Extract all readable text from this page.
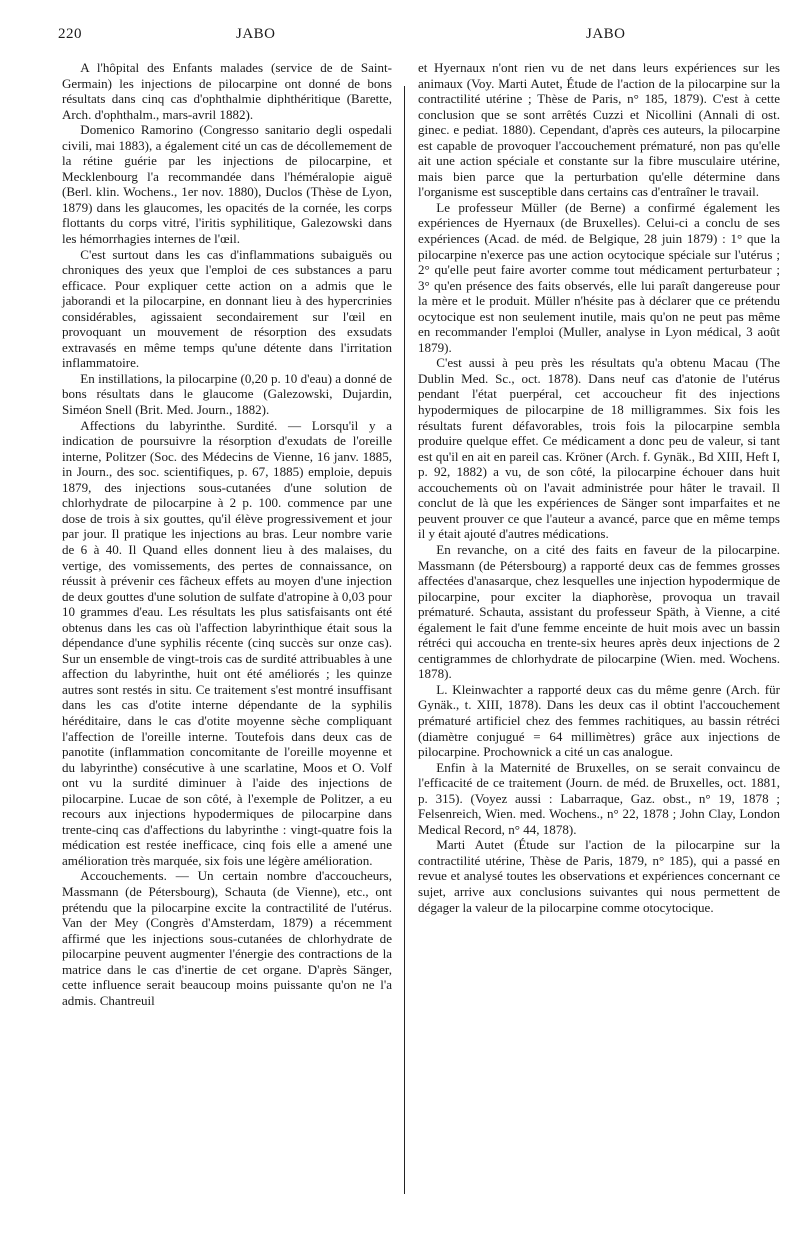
220	JABO	JABO

A l'hôpital des Enfants malades (service de de Saint-Germain) les injections de pilocarpine ont donné de bons résultats dans cinq cas d'ophthalmie diphthéritique (Barette, Arch. d'ophthalm., mars-avril 1882).

Domenico Ramorino (Congresso sanitario degli ospedali civili, mai 1883), a également cité un cas de décollemement de la rétine guérie par les injections de pilocarpine, et Mecklenbourg l'a recommandée dans l'héméralopie aiguë (Berl. klin. Wochens., 1er nov. 1880), Duclos (Thèse de Lyon, 1879) dans les glaucomes, les opacités de la cornée, les corps flottants du corps vitré, l'iritis syphilitique, Galezowski dans les hémorrhagies internes de l'œil.

C'est surtout dans les cas d'inflammations subaiguës ou chroniques des yeux que l'emploi de ces substances a paru efficace. Pour expliquer cette action on a admis que le jaborandi et la pilocarpine, en donnant lieu à des hypercrinies considérables, agissaient secondairement sur l'œil en provoquant un mouvement de résorption des exsudats extravasés en même temps qu'une détente dans l'irritation inflammatoire.

En instillations, la pilocarpine (0,20 p. 10 d'eau) a donné de bons résultats dans le glaucome (Galezowski, Dujardin, Siméon Snell (Brit. Med. Journ., 1882).

Affections du labyrinthe. Surdité. — Lorsqu'il y a indication de poursuivre la résorption d'exudats de l'oreille interne, Politzer (Soc. des Médecins de Vienne, 16 janv. 1885, in Journ., des soc. scientifiques, p. 67, 1885) emploie, depuis 1879, des injections sous-cutanées d'une solution de chlorhydrate de pilocarpine à 2 p. 100. commence par une dose de trois à six gouttes, qu'il élève progressivement et jour par jour. Il pratique les injections au bras. Leur nombre varie de 6 à 40. Il Quand elles donnent lieu à des malaises, du vertige, des vomissements, des pertes de connaissance, on réussit à prévenir ces fâcheux effets au moyen d'une injection de deux gouttes d'une solution de sulfate d'atropine à 0,03 pour 10 grammes d'eau. Les résultats les plus satisfaisants ont été obtenus dans les cas où l'affection labyrinthique était sous la dépendance d'une syphilis récente (cinq succès sur onze cas). Sur un ensemble de vingt-trois cas de surdité attribuables à une affection du labyrinthe, huit ont été améliorés ; les quinze autres sont restés in situ. Ce traitement s'est montré insuffisant dans les cas d'otite interne dépendante de la syphilis héréditaire, dans le cas d'otite moyenne sèche compliquant l'affection de l'oreille interne. Toutefois dans deux cas de panotite (inflammation concomitante de l'oreille moyenne et du labyrinthe) consécutive à une scarlatine, Moos et O. Volf ont vu la surdité diminuer à l'aide des injections de pilocarpine. Lucae de son côté, à l'exemple de Politzer, a eu recours aux injections hypodermiques de pilocarpine dans trente-cinq cas d'affections du labyrinthe : vingt-quatre fois la médication est restée inefficace, cinq fois elle a amené une amélioration très marquée, six fois une légère amélioration.

Accouchements. — Un certain nombre d'accoucheurs, Massmann (de Pétersbourg), Schauta (de Vienne), etc., ont prétendu que la pilocarpine excite la contractilité de l'utérus. Van der Mey (Congrès d'Amsterdam, 1879) a récemment affirmé que les injections sous-cutanées de chlorhydrate de pilocarpine peuvent augmenter l'énergie des contractions de la matrice dans le cas d'inertie de cet organe. D'après Sänger, cette influence serait beaucoup moins puissante qu'on ne l'a admis. Chantreuil

et Hyernaux n'ont rien vu de net dans leurs expériences sur les animaux (Voy. Marti Autet, Étude de l'action de la pilocarpine sur la contractilité utérine ; Thèse de Paris, n° 185, 1879). C'est à cette conclusion que se sont arrêtés Cuzzi et Nicollini (Annali di ost. ginec. e pediat. 1880). Cependant, d'après ces auteurs, la pilocarpine est capable de provoquer l'accouchement prématuré, non pas qu'elle ait une action spéciale et constante sur la fibre musculaire utérine, mais bien parce que la perturbation qu'elle détermine dans l'organisme est susceptible dans certains cas d'entraîner le travail.

Le professeur Müller (de Berne) a confirmé également les expériences de Hyernaux (de Bruxelles). Celui-ci a conclu de ses expériences (Acad. de méd. de Belgique, 28 juin 1879) : 1° que la pilocarpine n'exerce pas une action ocytocique spéciale sur l'utérus ; 2° qu'elle peut faire avorter comme tout médicament perturbateur ; 3° qu'en présence des faits observés, elle lui paraît dangereuse pour la mère et le produit. Müller n'hésite pas à déclarer que ce prétendu ocytocique est non seulement inutile, mais qu'on ne peut pas même en recommander l'emploi (Muller, analyse in Lyon médical, 3 août 1879).

C'est aussi à peu près les résultats qu'a obtenu Macau (The Dublin Med. Sc., oct. 1878). Dans neuf cas d'atonie de l'utérus pendant l'état puerpéral, cet accoucheur fit des injections hypodermiques de pilocarpine de 18 milligrammes. Six fois les résultats furent défavorables, trois fois la pilocarpine sembla produire quelque effet. Ce médicament a donc peu de valeur, si tant est qu'il en ait en pareil cas. Kröner (Arch. f. Gynäk., Bd XIII, Heft I, p. 92, 1882) a vu, de son côté, la pilocarpine échouer dans huit accouchements où on l'avait administrée pour hâter le travail. Il conclut de là que les expériences de Sänger sont imparfaites et ne peuvent prouver ce que l'auteur a avancé, parce que en même temps il y était ajouté d'autres médications.

En revanche, on a cité des faits en faveur de la pilocarpine. Massmann (de Pétersbourg) a rapporté deux cas de femmes grosses affectées d'anasarque, chez lesquelles une injection hypodermique de pilocarpine, pour exciter la diaphorèse, provoqua un travail prématuré. Schauta, assistant du professeur Späth, à Vienne, a cité également le fait d'une femme enceinte de huit mois avec un bassin rétréci qui accoucha en trente-six heures après deux injections de 2 centigrammes de chlorhydrate de pilocarpine (Wien. med. Wochens. 1878).

L. Kleinwachter a rapporté deux cas du même genre (Arch. für Gynäk., t. XIII, 1878). Dans les deux cas il obtint l'accouchement prématuré artificiel chez des femmes rachitiques, au bassin rétréci (diamètre conjugué = 64 millimètres) grâce aux injections de pilocarpine. Prochownick a cité un cas analogue.

Enfin à la Maternité de Bruxelles, on se serait convaincu de l'efficacité de ce traitement (Journ. de méd. de Bruxelles, oct. 1881, p. 315). (Voyez aussi : Labarraque, Gaz. obst., n° 19, 1878 ; Felsenreich, Wien. med. Wochens., n° 22, 1878 ; John Clay, London Medical Record, n° 44, 1878).

Marti Autet (Étude sur l'action de la pilocarpine sur la contractilité utérine, Thèse de Paris, 1879, n° 185), qui a passé en revue et analysé toutes les observations et expériences concernant ce sujet, arrive aux conclusions suivantes qui nous permettent de dégager la valeur de la pilocarpine comme otocytocique.
